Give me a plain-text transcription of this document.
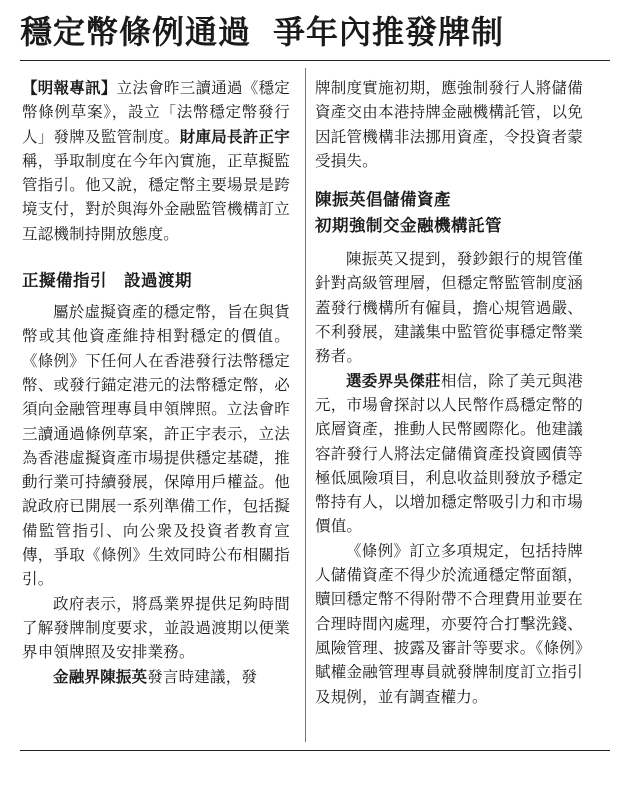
穩定幣條例通過 爭年內推發牌制

【明報專訊】立法會昨三讀通過《穩定幣條例草案》，設立「法幣穩定幣發行人」發牌及監管制度。財庫局長許正宇稱，爭取制度在今年內實施，正草擬監管指引。他又說，穩定幣主要場景是跨境支付，對於與海外金融監管機構訂立互認機制持開放態度。

正擬備指引　設過渡期

屬於虛擬資產的穩定幣，旨在與貨幣或其他資產維持相對穩定的價值。《條例》下任何人在香港發行法幣穩定幣、或發行錨定港元的法幣穩定幣，必須向金融管理專員申領牌照。立法會昨三讀通過條例草案，許正宇表示，立法為香港虛擬資產市場提供穩定基礎，推動行業可持續發展，保障用戶權益。他說政府已開展一系列準備工作，包括擬備監管指引、向公衆及投資者教育宣傳，爭取《條例》生效同時公布相關指引。

政府表示，將爲業界提供足夠時間了解發牌制度要求，並設過渡期以便業界申領牌照及安排業務。

金融界陳振英發言時建議，發

牌制度實施初期，應強制發行人將儲備資產交由本港持牌金融機構託管，以免因託管機構非法挪用資產，令投資者蒙受損失。

陳振英倡儲備資產
初期強制交金融機構託管

陳振英又提到，發鈔銀行的規管僅針對高級管理層，但穩定幣監管制度涵蓋發行機構所有僱員，擔心規管過嚴、不利發展，建議集中監管從事穩定幣業務者。

選委界吳傑莊相信，除了美元與港元，市場會探討以人民幣作爲穩定幣的底層資產，推動人民幣國際化。他建議容許發行人將法定儲備資產投資國債等極低風險項目，利息收益則發放予穩定幣持有人，以增加穩定幣吸引力和市場價值。

《條例》訂立多項規定，包括持牌人儲備資產不得少於流通穩定幣面額，贖回穩定幣不得附帶不合理費用並要在合理時間內處理，亦要符合打擊洗錢、風險管理、披露及審計等要求。《條例》賦權金融管理專員就發牌制度訂立指引及規例，並有調查權力。
